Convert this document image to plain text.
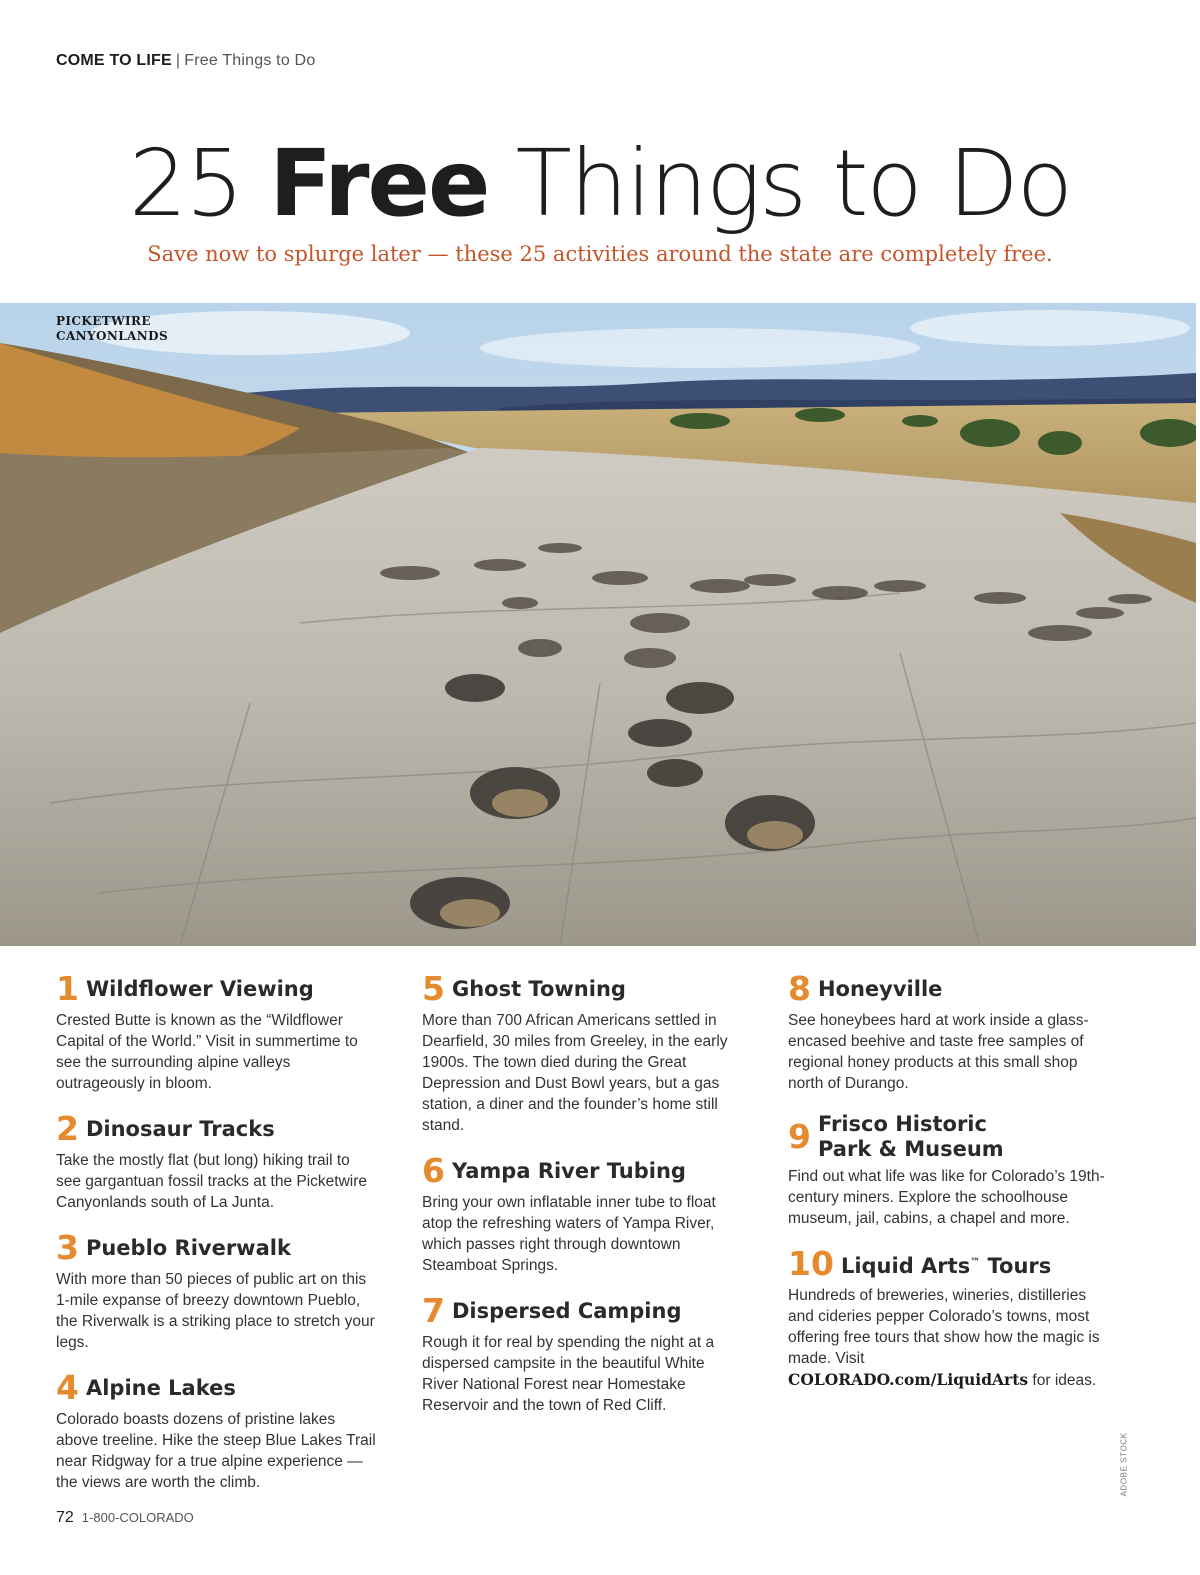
COME TO LIFE | Free Things to Do
25 Free Things to Do
Save now to splurge later — these 25 activities around the state are completely free.
PICKETWIRE
CANYONLANDS
1 Wildflower Viewing
Crested Butte is known as the “Wildflower Capital of the World.” Visit in summertime to see the surrounding alpine valleys outrageously in bloom.
2 Dinosaur Tracks
Take the mostly flat (but long) hiking trail to see gargantuan fossil tracks at the Picketwire Canyonlands south of La Junta.
3 Pueblo Riverwalk
With more than 50 pieces of public art on this 1-mile expanse of breezy downtown Pueblo, the Riverwalk is a striking place to stretch your legs.
4 Alpine Lakes
Colorado boasts dozens of pristine lakes above treeline. Hike the steep Blue Lakes Trail near Ridgway for a true alpine experience — the views are worth the climb.
5 Ghost Towning
More than 700 African Americans settled in Dearfield, 30 miles from Greeley, in the early 1900s. The town died during the Great Depression and Dust Bowl years, but a gas station, a diner and the founder’s home still stand.
6 Yampa River Tubing
Bring your own inflatable inner tube to float atop the refreshing waters of Yampa River, which passes right through downtown Steamboat Springs.
7 Dispersed Camping
Rough it for real by spending the night at a dispersed campsite in the beautiful White River National Forest near Homestake Reservoir and the town of Red Cliff.
8 Honeyville
See honeybees hard at work inside a glass-encased beehive and taste free samples of regional honey products at this small shop north of Durango.
9 Frisco Historic
Park & Museum
Find out what life was like for Colorado’s 19th-century miners. Explore the schoolhouse museum, jail, cabins, a chapel and more.
10 Liquid Arts™ Tours
Hundreds of breweries, wineries, distilleries and cideries pepper Colorado’s towns, most offering free tours that show how the magic is made. Visit COLORADO.com/LiquidArts for ideas.
ADOBE STOCK
72 1-800-COLORADO
